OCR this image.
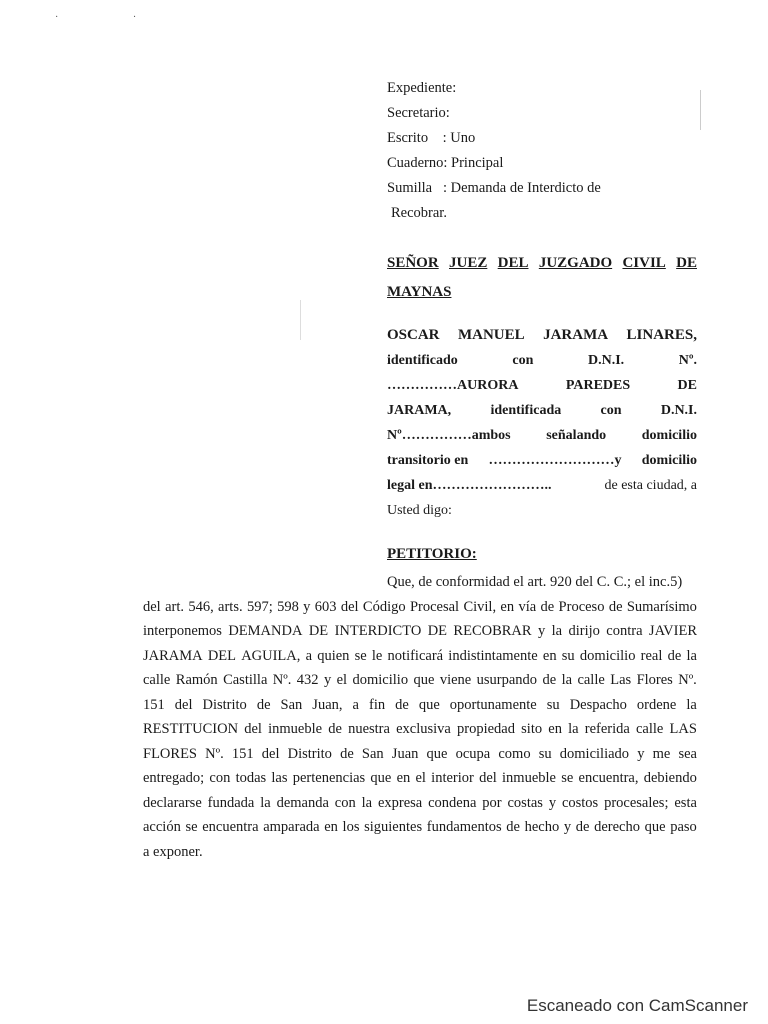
· ·
Expediente:
Secretario:
Escrito : Uno
Cuaderno: Principal
Sumilla : Demanda de Interdicto de
Recobrar.
SEÑOR JUEZ DEL JUZGADO CIVIL DE
MAYNAS
OSCAR MANUEL JARAMA LINARES,
identificado	con	D.N.I.	Nº.
……………AURORA	PAREDES	DE
JARAMA,	identificada	con	D.N.I.
Nº……………ambos	señalando	domicilio
transitorio en ………………………y domicilio
legal en……………………..	de esta ciudad, a
Usted digo:
PETITORIO:
Que, de conformidad el art. 920 del C. C.; el inc.5)
del art. 546, arts. 597; 598 y 603 del Código Procesal Civil, en vía de Proceso de Sumarísimo
interponemos DEMANDA DE INTERDICTO DE RECOBRAR y la dirijo contra JAVIER
JARAMA DEL AGUILA, a quien se le notificará indistintamente en su domicilio real de la
calle Ramón Castilla Nº. 432 y el domicilio que viene usurpando de la calle Las Flores Nº.
151 del Distrito de San Juan, a fin de que oportunamente su Despacho ordene la
RESTITUCION del inmueble de nuestra exclusiva propiedad sito en la referida calle LAS
FLORES Nº. 151 del Distrito de San Juan que ocupa como su domiciliado y me sea
entregado; con todas las pertenencias que en el interior del inmueble se encuentra, debiendo
declararse fundada la demanda con la expresa condena por costas y costos procesales; esta
acción se encuentra amparada en los siguientes fundamentos de hecho y de derecho que paso
a exponer.
Escaneado con CamScanner
